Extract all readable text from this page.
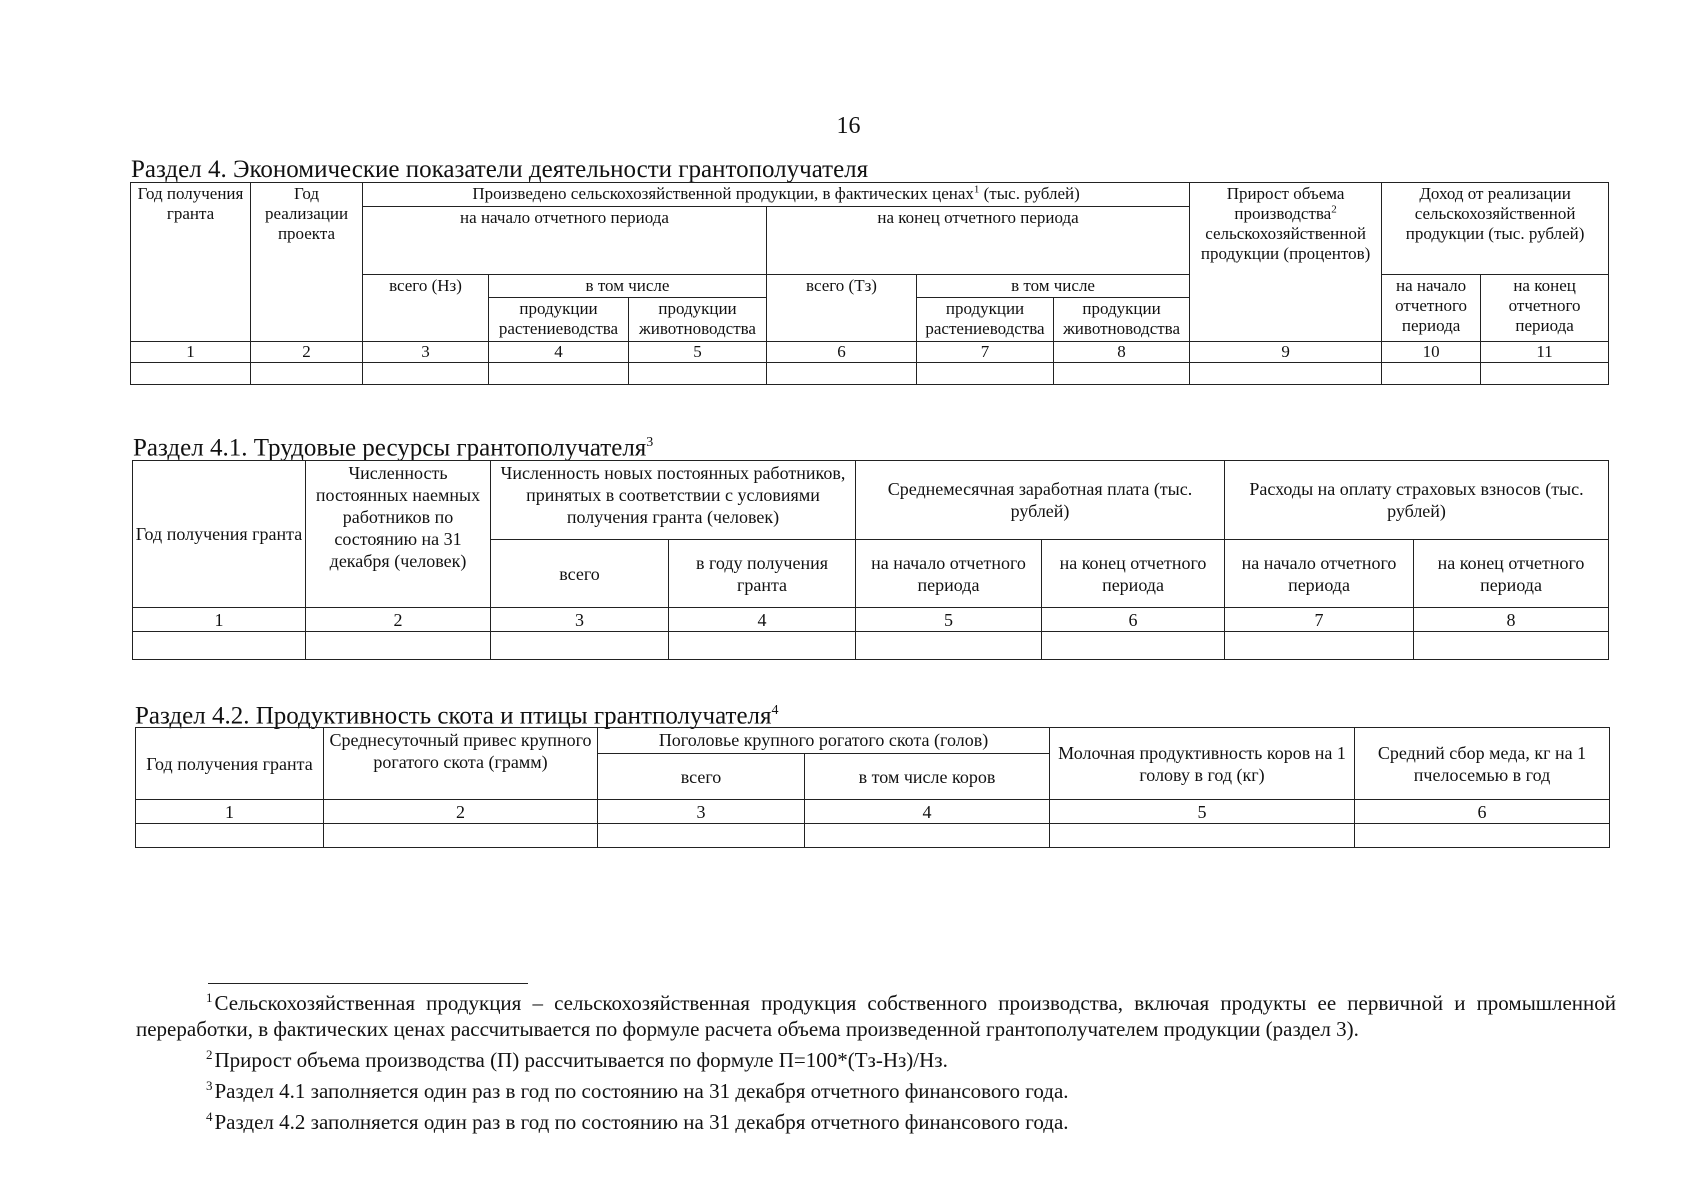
16
Раздел 4. Экономические показатели деятельности грантополучателя
Год получения гранта	Год реализации проекта	Произведено сельскохозяйственной продукции, в фактических ценах$^1$ (тыс. рублей)						Прирост объема производства$^2$ сельскохозяйственной продукции (процентов)	Доход от реализации сельскохозяйственной продукции (тыс. рублей)	
		на начало отчетного периода			на конец отчетного периода					
		всего (Нз)	в том числе		всего (Тз)	в том числе			на начало отчетного периода	на конец отчетного периода
			продукции растениеводства	продукции животноводства		продукции растениеводства	продукции животноводства			
1	2	3	4	5	6	7	8	9	10	11

Раздел 4.1. Трудовые ресурсы грантополучателя$^3$
Год получения гранта	Численность постоянных наемных работников по состоянию на 31 декабря (человек)	Численность новых постоянных работников, принятых в соответствии с условиями получения гранта (человек)		Среднемесячная заработная плата (тыс. рублей)		Расходы на оплату страховых взносов (тыс. рублей)	
		всего	в году получения гранта	на начало отчетного периода	на конец отчетного периода	на начало отчетного периода	на конец отчетного периода
1	2	3	4	5	6	7	8

Раздел 4.2. Продуктивность скота и птицы грантполучателя$^4$
Год получения гранта	Среднесуточный привес крупного рогатого скота (грамм)	Поголовье крупного рогатого скота (голов)		Молочная продуктивность коров на 1 голову в год (кг)	Средний сбор меда, кг на 1 пчелосемью в год
		всего	в том числе коров		
1	2	3	4	5	6

$^1$Сельскохозяйственная продукция – сельскохозяйственная продукция собственного производства, включая продукты ее первичной и промышленной переработки, в фактических ценах рассчитывается по формуле расчета объема произведенной грантополучателем продукции (раздел 3).

$^2$Прирост объема производства (П) рассчитывается по формуле П=100*(Тз-Нз)/Нз.

$^3$Раздел 4.1 заполняется один раз в год по состоянию на 31 декабря отчетного финансового года.

$^4$Раздел 4.2 заполняется один раз в год по состоянию на 31 декабря отчетного финансового года.
